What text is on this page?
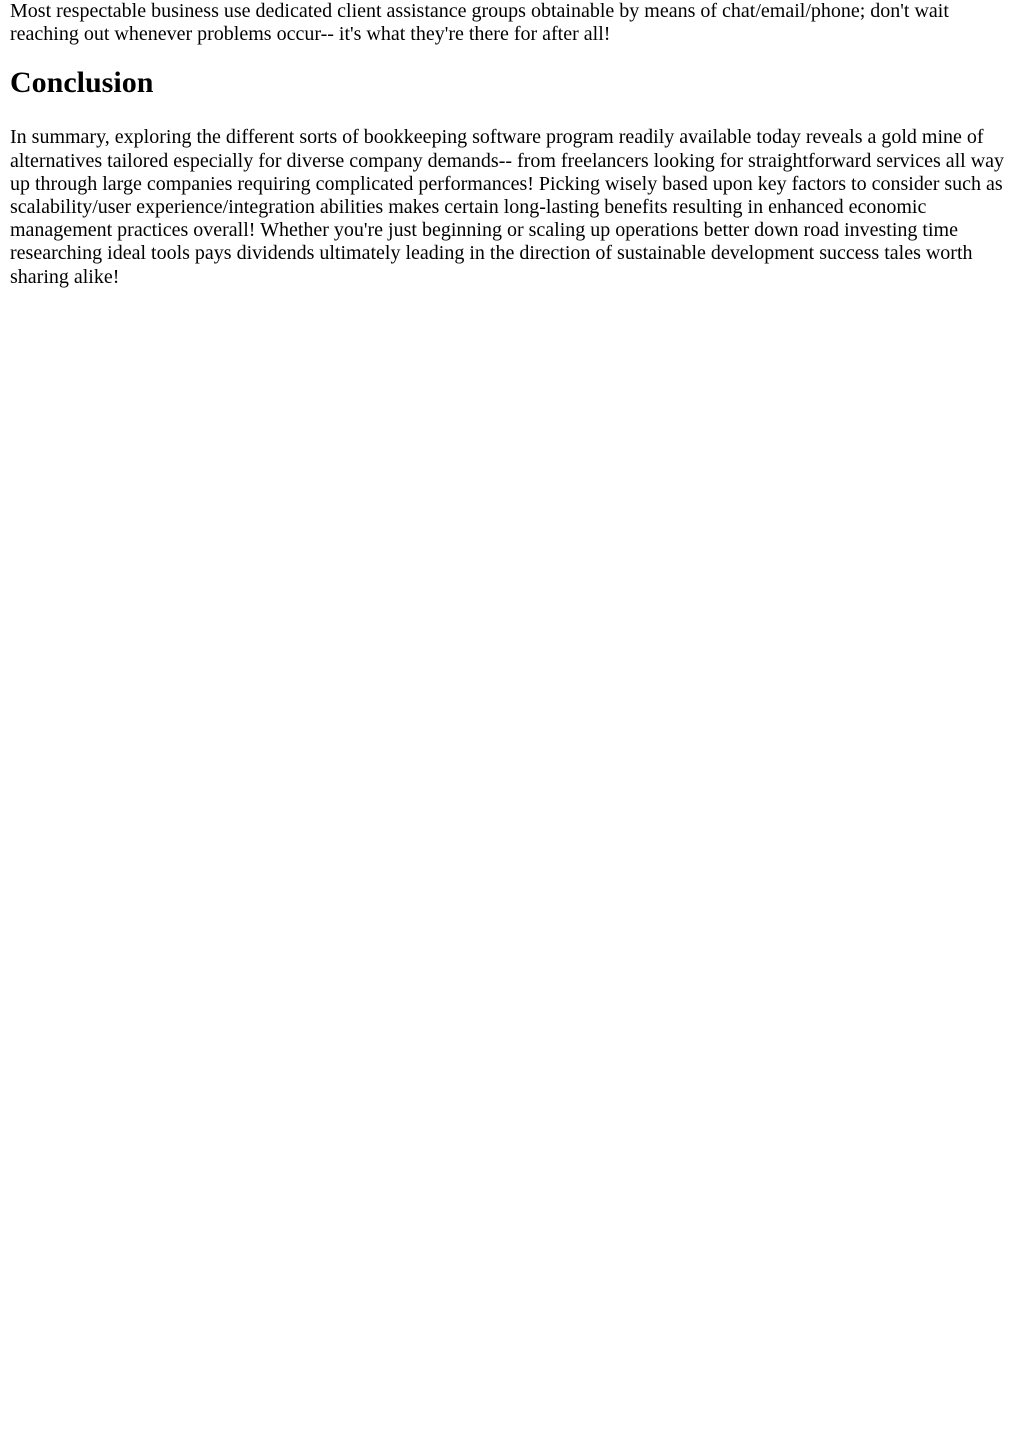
Most respectable business use dedicated client assistance groups obtainable by means of chat/email/phone; don't wait reaching out whenever problems occur-- it's what they're there for after all!

Conclusion

In summary, exploring the different sorts of bookkeeping software program readily available today reveals a gold mine of alternatives tailored especially for diverse company demands-- from freelancers looking for straightforward services all way up through large companies requiring complicated performances! Picking wisely based upon key factors to consider such as scalability/user experience/integration abilities makes certain long-lasting benefits resulting in enhanced economic management practices overall! Whether you're just beginning or scaling up operations better down road investing time researching ideal tools pays dividends ultimately leading in the direction of sustainable development success tales worth sharing alike!
